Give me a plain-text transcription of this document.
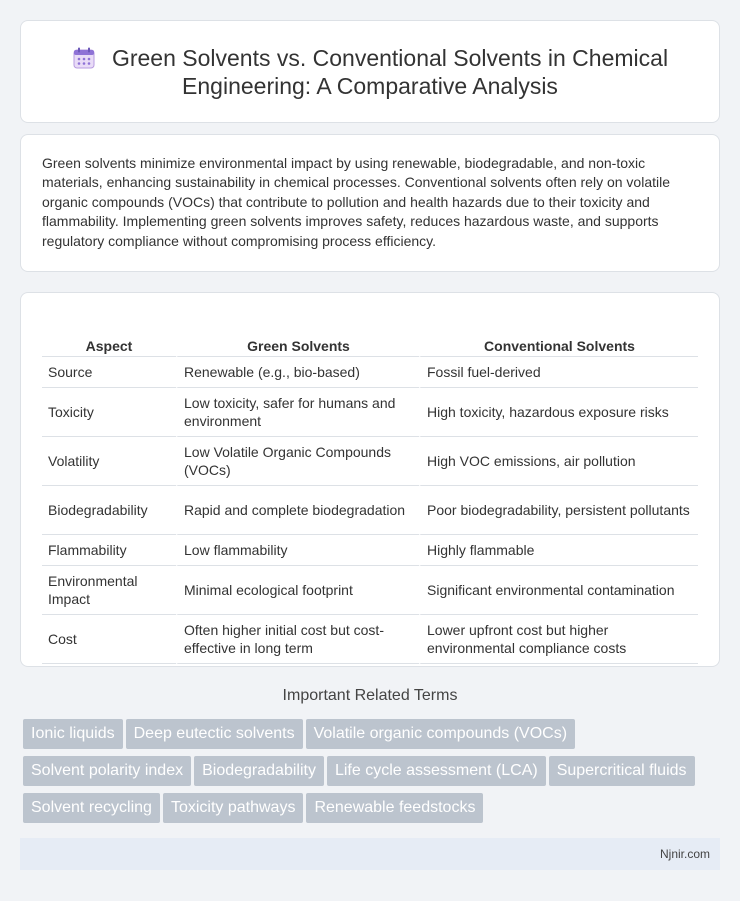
Green Solvents vs. Conventional Solvents in Chemical Engineering: A Comparative Analysis

Green solvents minimize environmental impact by using renewable, biodegradable, and non-toxic materials, enhancing sustainability in chemical processes. Conventional solvents often rely on volatile organic compounds (VOCs) that contribute to pollution and health hazards due to their toxicity and flammability. Implementing green solvents improves safety, reduces hazardous waste, and supports regulatory compliance without compromising process efficiency.

Aspect	Green Solvents	Conventional Solvents
Source	Renewable (e.g., bio-based)	Fossil fuel-derived
Toxicity	Low toxicity, safer for humans and environment	High toxicity, hazardous exposure risks
Volatility	Low Volatile Organic Compounds (VOCs)	High VOC emissions, air pollution
Biodegradability	Rapid and complete biodegradation	Poor biodegradability, persistent pollutants
Flammability	Low flammability	Highly flammable
Environmental Impact	Minimal ecological footprint	Significant environmental contamination
Cost	Often higher initial cost but cost-effective in long term	Lower upfront cost but higher environmental compliance costs
Important Related Terms
Ionic liquids Deep eutectic solvents Volatile organic compounds (VOCs)
Solvent polarity index Biodegradability Life cycle assessment (LCA) Supercritical fluids
Solvent recycling Toxicity pathways Renewable feedstocks
Njnir.com
